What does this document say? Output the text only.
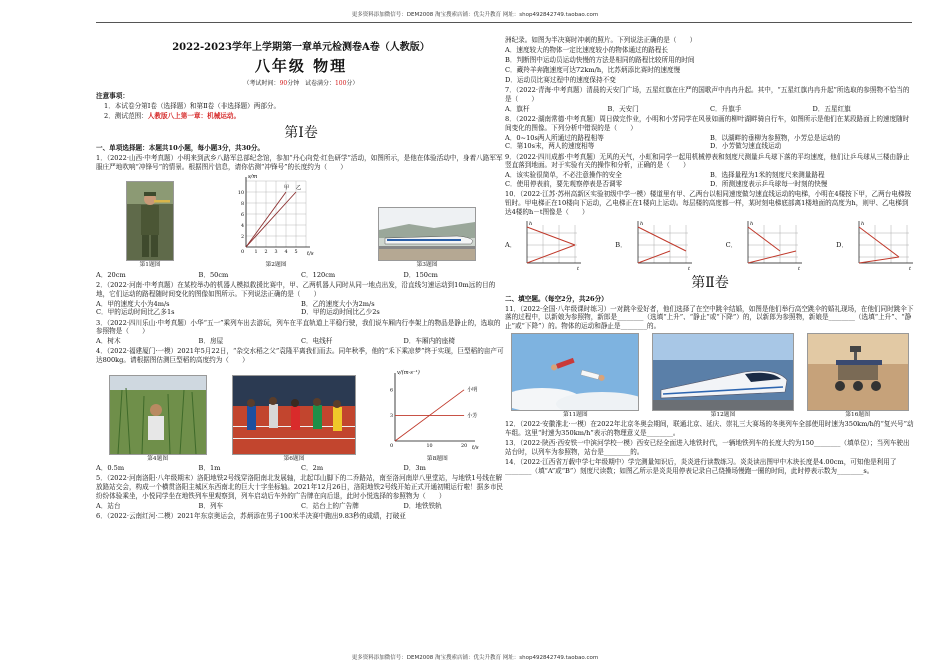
更多资料添加微信号：DEM2008 淘宝搜索店铺：优尖升教育 网址：shop492842749.taobao.com
2022-2023学年上学期第一章单元检测卷A卷（人教版）
八年级 物理
（考试时间：90分钟 试卷满分：100分）

注意事项：

1．本试卷分第Ⅰ卷（选择题）和第Ⅱ卷（非选择题）两部分。

2．测试范围：人教版八上第一章：机械运动。

第Ⅰ卷

一、单项选择题：本题共10小题，每小题3分，共30分。

1．（2022·山西·中考真题）小明来到武乡八路军总部纪念馆，参加“丹心向党·红色研学”活动，如图所示，是他在体验活动中，身着八路军军服庄严地吹响“冲锋号”的情景。根据图片信息，请你估测“冲锋号”的长度约为（　　）

第1题图
s/m
t/s
0
2
4
6
8
10
1 2 3 4 5
甲 乙
第2题图	第3题图
A．20cm	B．50cm	C．120cm	D．150cm

2．（2022·河南·中考真题）在某校举办的机器人模拟救援比赛中，甲、乙两机器人同时从同一地点出发，沿直线匀速运动到10m远的目的地，它们运动的路程随时间变化的图像如图所示。下列说法正确的是（　　）

A．甲的速度大小为4m/s	B．乙的速度大小为2m/s
C．甲的运动时间比乙多1s	D．甲的运动时间比乙少2s

3．（2022·四川乐山·中考真题）小华“五一”乘列车出去游玩，列车在平直轨道上平稳行驶，我们说车厢内行李架上的物品是静止的，选取的参照物是（　　）

A．树木	B．房屋	C．电线杆	D．车厢内的座椅

4．（2022·福建厦门·一模）2021年5月22日，“杂交水稻之父”袁隆平离我们而去。同年秋季，他的“禾下乘凉梦”终于实现，巨型稻的亩产可达800kg。请根据图估测巨型稻的高度约为（　　）

第4题图	第6题图
v/(m·s⁻¹)
t/s
0
3
6
10	20
小明
小芳
第8题图
A．0.5m	B．1m	C．2m	D．3m

5．（2022·河南洛阳·八年级期末）洛阳地铁2号线穿洛阳南北发展轴，北起邙山脚下的二乔路站，南至洛河南岸八里堂站，与地铁1号线在解放路站交会，构成一个横贯洛阳主城区东西南北的巨大十字坐标轴。2021年12月26日，洛阳地铁2号线开始正式开通初期运行啦！据多市民纷纷体验乘坐，小悦同学坐在地铁列车里观察到，列车启动后车外的广告牌在向后退，此时小悦选择的参照物为（　　）

A．站台	B．列车	C．站台上的广告牌	D．地铁铁轨

6．（2022·云南红河·二模）2021年东京奥运会，苏炳添在男子100米半决赛中跑出9.83秒的成绩，打破亚

洲纪录。如图为半决赛时冲刺的照片。下列说法正确的是（　　）

A．速度较大的物体一定比速度较小的物体通过的路程长

B．判断图中运动员运动快慢的方法是相同的路程比较所用的时间

C．藏羚羊奔跑速度可达72km/h，比苏炳添比赛时的速度慢

D．运动员比赛过程中的速度保持不变

7．（2022·青海·中考真题）清晨的天安门广场，五星红旗在庄严的国歌声中冉冉升起。其中，“五星红旗冉冉升起”所选取的参照物不恰当的是（　　）

A．旗杆	B．天安门	C．升旗手	D．五星红旗

8．（2022·湖南常德·中考真题）周日做完作业，小明和小芳同学在风景如画的柳叶湖畔骑自行车，如图所示是他们在某段路面上的速度随时间变化的图像。下列分析中错误的是（　　）

A．0~10s两人所通过的路程相等	B．以湖畔的垂柳为参照物，小芳总是运动的
C．第10s末，两人的速度相等	D．小芳做匀速直线运动

9．（2022·四川成都·中考真题）无风的天气，小虹和同学一起用机械停表和刻度尺测量乒乓球下落的平均速度，他们让乒乓球从三楼由静止竖直落到地面。对于实验有关的操作和分析，正确的是（　　）

A．该实验很简单，不必注意操作的安全	B．选择量程为1米的刻度尺来测量路程
C．使用停表前，要先观察停表是否调零	D．所测速度表示乒乓球每一时刻的快慢

10．（2022·江苏·苏州高新区实验初级中学一模）楼道里有甲、乙两台以相同速度做匀速直线运动的电梯，小明在4楼按下甲，乙两台电梯按钮时。甲电梯正在10楼向下运动，乙电梯正在1楼向上运动。每层楼的高度都一样，某时刻电梯底部离1楼地面的高度为h，则甲、乙电梯到达4楼的h－t图像是（　　）

A．
h
t
B．
h
t
C．
h
t
D．
h
t
第Ⅱ卷

二、填空题。（每空2分，共26分）

11．（2022·全国·八年级课时练习）一对跳伞爱好者，他们选择了在空中跳伞结婚，如图是他们举行高空跳伞的婚礼现场，在他们同时跳伞下落的过程中，以新娘为参照物，新郎是________（选填“上升”、“静止”或“下降”）的，以新郎为参照物，新娘是________（选填“上升”、“静止”或“下降”）的。物体的运动和静止是________的。

第11题图	第12题图	第16题图

12．（2022·安徽淮北·一模）在2022年北京冬奥会期间，联通北京、延庆、崇礼三大赛场的冬奥列车全部使用时速为350km/h的“复兴号”动车组。这里“时速为350km/h”表示的物理意义是________。

13．（2022·陕西·西安铁一中滨河学校一模）西安已经全面进入地铁时代，一辆地铁列车的长度大约为150________（填单位）；当列车驶出站台时，以列车为参照物，站台是________的。

14．（2022·江西省万载中学七年级期中）学完测量知识后，炎炎进行读数练习。炎炎读出图甲中木块长度是4.00cm，可知他是利用了________（填“A”或“B”）刻度尺读数；如图乙所示是炎炎用停表记录自己绕操场慢跑一圈的时间，此时停表示数为________s。

更多资料添加微信号：DEM2008 淘宝搜索店铺：优尖升教育 网址：shop492842749.taobao.com
